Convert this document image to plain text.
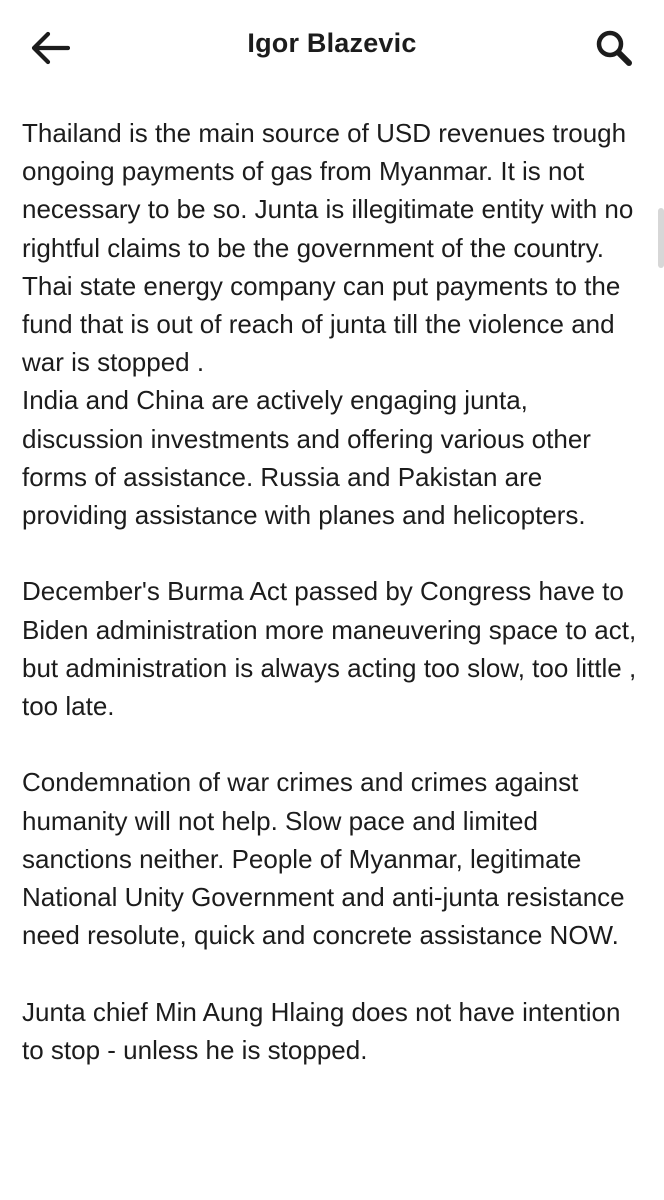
Igor Blazevic

Thailand is the main source of USD revenues trough ongoing payments of gas from Myanmar. It is not necessary to be so. Junta is illegitimate entity with no rightful claims to be the government of the country. Thai state energy company can put payments to the fund that is out of reach of junta till the violence and war is stopped .

India and China are actively engaging junta, discussion investments and offering various other forms of assistance. Russia and Pakistan are providing assistance with planes and helicopters.

December's Burma Act passed by Congress have to Biden administration more maneuvering space to act, but administration is always acting too slow, too little , too late.

Condemnation of war crimes and crimes against humanity will not help. Slow pace and limited sanctions neither. People of Myanmar, legitimate National Unity Government and anti-junta resistance need resolute, quick and concrete assistance NOW.

Junta chief Min Aung Hlaing does not have intention to stop - unless he is stopped.
